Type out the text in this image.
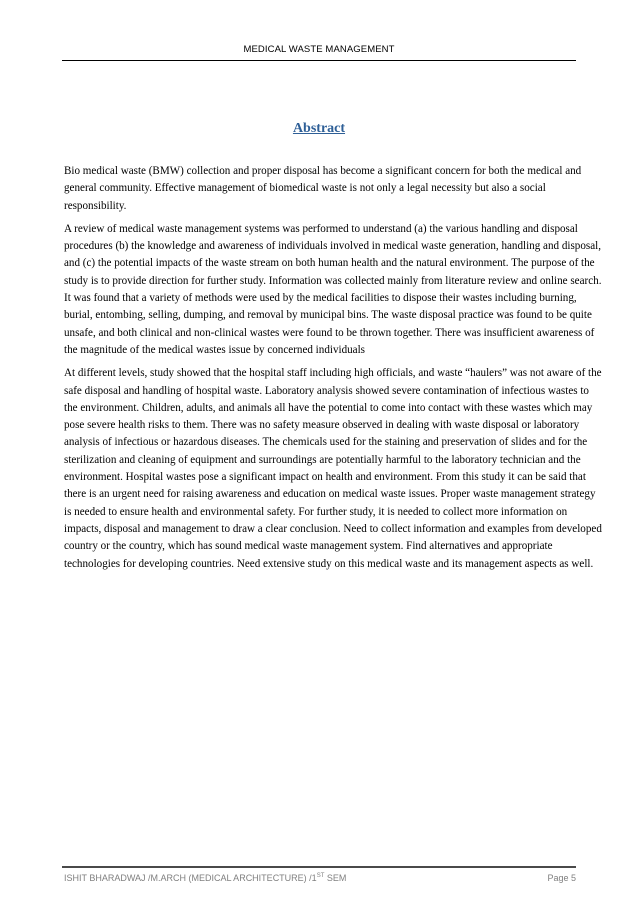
MEDICAL WASTE MANAGEMENT
Abstract

Bio medical waste (BMW) collection and proper disposal has become a significant concern for both the medical and general community. Effective management of biomedical waste is not only a legal necessity but also a social responsibility.

A review of medical waste management systems was performed to understand (a) the various handling and disposal procedures (b) the knowledge and awareness of individuals involved in medical waste generation, handling and disposal, and (c) the potential impacts of the waste stream on both human health and the natural environment. The purpose of the study is to provide direction for further study. Information was collected mainly from literature review and online search. It was found that a variety of methods were used by the medical facilities to dispose their wastes including burning, burial, entombing, selling, dumping, and removal by municipal bins. The waste disposal practice was found to be quite unsafe, and both clinical and non-clinical wastes were found to be thrown together. There was insufficient awareness of the magnitude of the medical wastes issue by concerned individuals

At different levels, study showed that the hospital staff including high officials, and waste “haulers” was not aware of the safe disposal and handling of hospital waste. Laboratory analysis showed severe contamination of infectious wastes to the environment. Children, adults, and animals all have the potential to come into contact with these wastes which may pose severe health risks to them. There was no safety measure observed in dealing with waste disposal or laboratory analysis of infectious or hazardous diseases. The chemicals used for the staining and preservation of slides and for the sterilization and cleaning of equipment and surroundings are potentially harmful to the laboratory technician and the environment. Hospital wastes pose a significant impact on health and environment. From this study it can be said that there is an urgent need for raising awareness and education on medical waste issues. Proper waste management strategy is needed to ensure health and environmental safety. For further study, it is needed to collect more information on impacts, disposal and management to draw a clear conclusion. Need to collect information and examples from developed country or the country, which has sound medical waste management system. Find alternatives and appropriate technologies for developing countries. Need extensive study on this medical waste and its management aspects as well.

ISHIT BHARADWAJ /M.ARCH (MEDICAL ARCHITECTURE) /1ST SEM	Page 5
